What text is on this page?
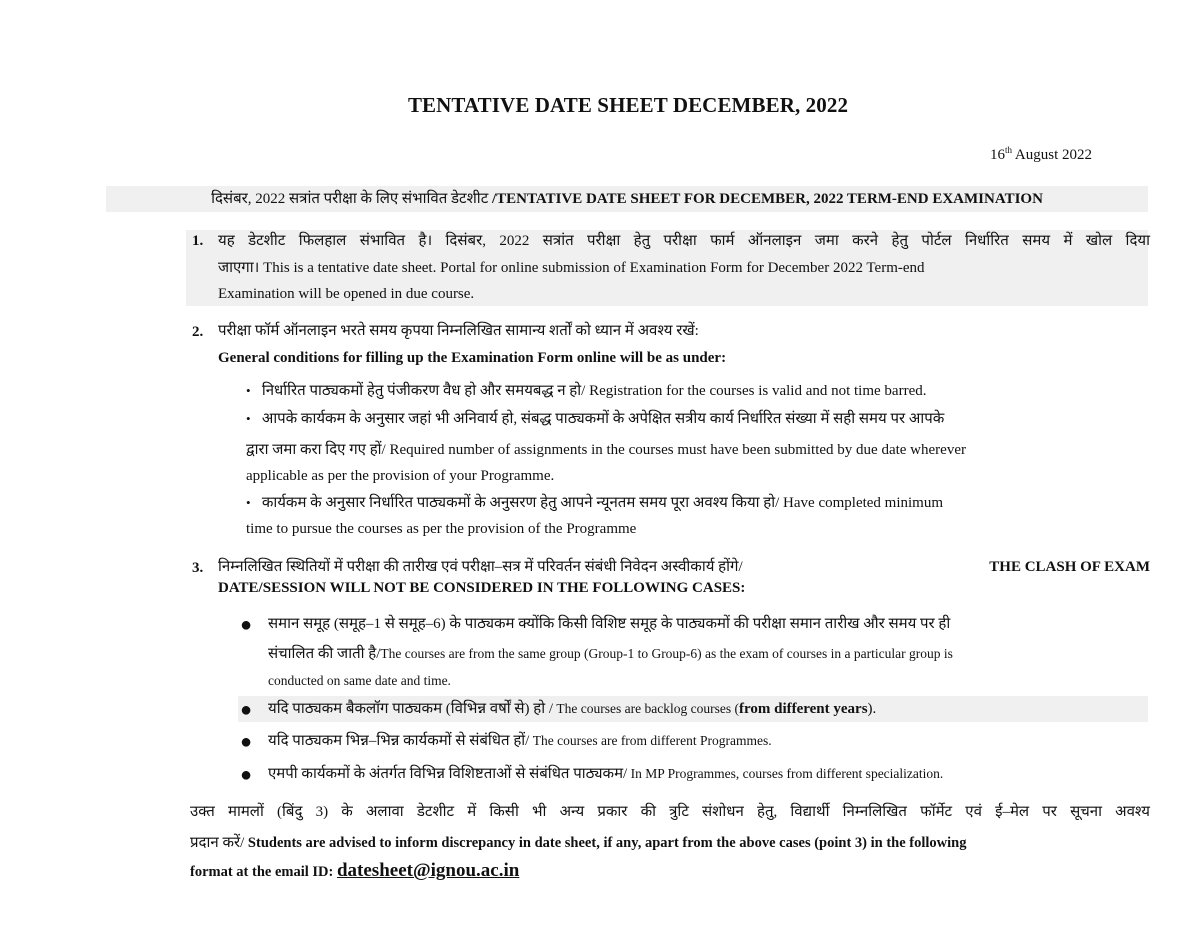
TENTATIVE DATE SHEET DECEMBER, 2022
16th August 2022
दिसंबर, 2022 सत्रांत परीक्षा के लिए संभावित डेटशीट /TENTATIVE DATE SHEET FOR DECEMBER, 2022 TERM-END EXAMINATION
1. यह डेटशीट फिलहाल संभावित है। दिसंबर, 2022 सत्रांत परीक्षा हेतु परीक्षा फार्म ऑनलाइन जमा करने हेतु पोर्टल निर्धारित समय में खोल दिया
जाएगा। This is a tentative date sheet. Portal for online submission of Examination Form for December 2022 Term-end
Examination will be opened in due course.
2. परीक्षा फॉर्म ऑनलाइन भरते समय कृपया निम्नलिखित सामान्य शर्तों को ध्यान में अवश्य रखें:
General conditions for filling up the Examination Form online will be as under:
• निर्धारित पाठ्यकमों हेतु पंजीकरण वैध हो और समयबद्ध न हो/ Registration for the courses is valid and not time barred.
• आपके कार्यकम के अनुसार जहां भी अनिवार्य हो, संबद्ध पाठ्यकमों के अपेक्षित सत्रीय कार्य निर्धारित संख्या में सही समय पर आपके
द्वारा जमा करा दिए गए हों/ Required number of assignments in the courses must have been submitted by due date wherever
applicable as per the provision of your Programme.
• कार्यकम के अनुसार निर्धारित पाठ्यकमों के अनुसरण हेतु आपने न्यूनतम समय पूरा अवश्य किया हो/ Have completed minimum
time to pursue the courses as per the provision of the Programme
3. निम्नलिखित स्थितियों में परीक्षा की तारीख एवं परीक्षा–सत्र में परिवर्तन संबंधी निवेदन अस्वीकार्य होंगे/	THE CLASH OF EXAM
DATE/SESSION WILL NOT BE CONSIDERED IN THE FOLLOWING CASES:
● समान समूह (समूह–1 से समूह–6) के पाठ्यकम क्योंकि किसी विशिष्ट समूह के पाठ्यकमों की परीक्षा समान तारीख और समय पर ही
संचालित की जाती है/The courses are from the same group (Group-1 to Group-6) as the exam of courses in a particular group is
conducted on same date and time.
● यदि पाठ्यकम बैकलॉग पाठ्यकम (विभिन्न वर्षों से) हो / The courses are backlog courses (from different years).
● यदि पाठ्यकम भिन्न–भिन्न कार्यकमों से संबंधित हों/ The courses are from different Programmes.
● एमपी कार्यकमों के अंतर्गत विभिन्न विशिष्टताओं से संबंधित पाठ्यकम/ In MP Programmes, courses from different specialization.
उक्त मामलों (बिंदु 3) के अलावा डेटशीट में किसी भी अन्य प्रकार की त्रुटि संशोधन हेतु, विद्यार्थी निम्नलिखित फॉर्मेट एवं ई–मेल पर सूचना अवश्य
प्रदान करें/ Students are advised to inform discrepancy in date sheet, if any, apart from the above cases (point 3) in the following
format at the email ID: datesheet@ignou.ac.in
